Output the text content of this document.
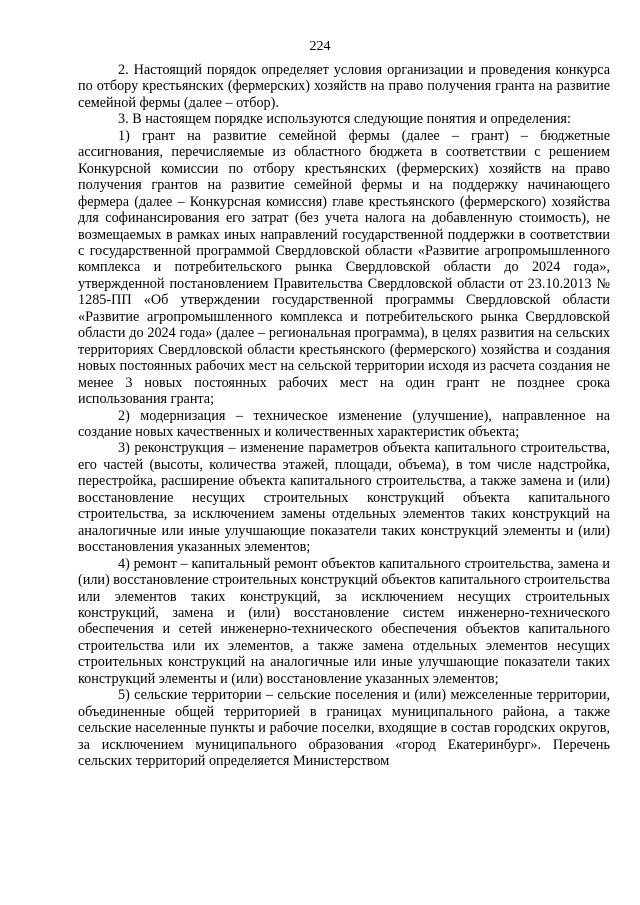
224

2. Настоящий порядок определяет условия организации и проведения конкурса по отбору крестьянских (фермерских) хозяйств на право получения гранта на развитие семейной фермы (далее – отбор).

3. В настоящем порядке используются следующие понятия и определения:

1) грант на развитие семейной фермы (далее – грант) – бюджетные ассигнования, перечисляемые из областного бюджета в соответствии с решением Конкурсной комиссии по отбору крестьянских (фермерских) хозяйств на право получения грантов на развитие семейной фермы и на поддержку начинающего фермера (далее – Конкурсная комиссия) главе крестьянского (фермерского) хозяйства для софинансирования его затрат (без учета налога на добавленную стоимость), не возмещаемых в рамках иных направлений государственной поддержки в соответствии с государственной программой Свердловской области «Развитие агропромышленного комплекса и потребительского рынка Свердловской области до 2024 года», утвержденной постановлением Правительства Свердловской области от 23.10.2013 № 1285-ПП «Об утверждении государственной программы Свердловской области «Развитие агропромышленного комплекса и потребительского рынка Свердловской области до 2024 года» (далее – региональная программа), в целях развития на сельских территориях Свердловской области крестьянского (фермерского) хозяйства и создания новых постоянных рабочих мест на сельской территории исходя из расчета создания не менее 3 новых постоянных рабочих мест на один грант не позднее срока использования гранта;

2) модернизация – техническое изменение (улучшение), направленное на создание новых качественных и количественных характеристик объекта;

3) реконструкция – изменение параметров объекта капитального строительства, его частей (высоты, количества этажей, площади, объема), в том числе надстройка, перестройка, расширение объекта капитального строительства, а также замена и (или) восстановление несущих строительных конструкций объекта капитального строительства, за исключением замены отдельных элементов таких конструкций на аналогичные или иные улучшающие показатели таких конструкций элементы и (или) восстановления указанных элементов;

4) ремонт – капитальный ремонт объектов капитального строительства, замена и (или) восстановление строительных конструкций объектов капитального строительства или элементов таких конструкций, за исключением несущих строительных конструкций, замена и (или) восстановление систем инженерно-технического обеспечения и сетей инженерно-технического обеспечения объектов капитального строительства или их элементов, а также замена отдельных элементов несущих строительных конструкций на аналогичные или иные улучшающие показатели таких конструкций элементы и (или) восстановление указанных элементов;

5) сельские территории – сельские поселения и (или) межселенные территории, объединенные общей территорией в границах муниципального района, а также сельские населенные пункты и рабочие поселки, входящие в состав городских округов, за исключением муниципального образования «город Екатеринбург». Перечень сельских территорий определяется Министерством
